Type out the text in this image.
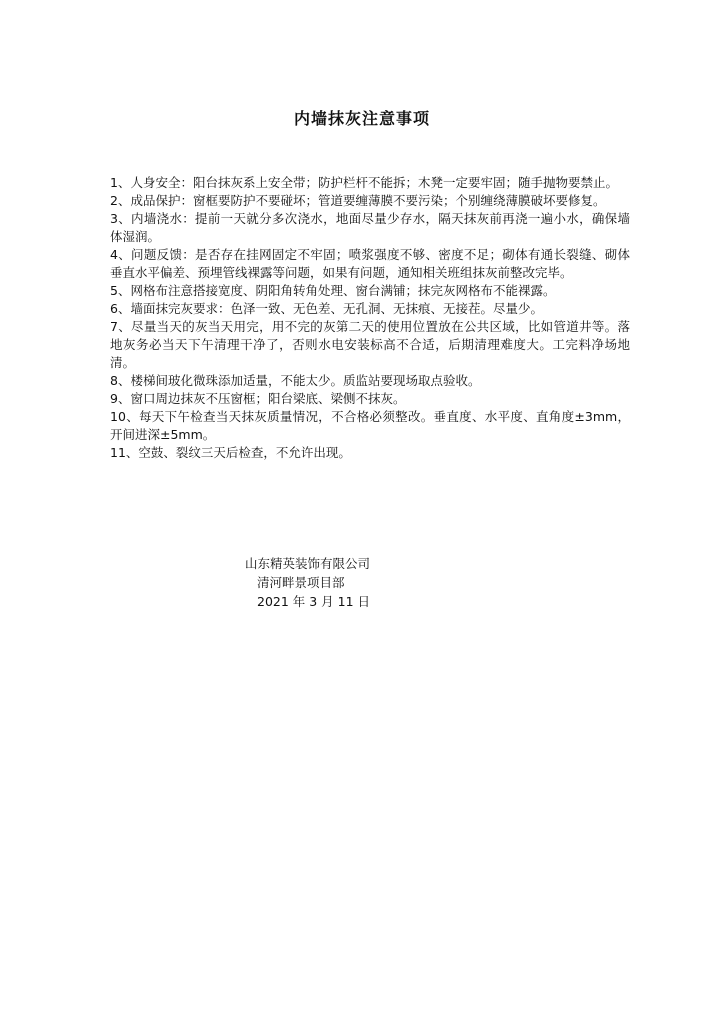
内墙抹灰注意事项
1、人身安全：阳台抹灰系上安全带；防护栏杆不能拆；木凳一定要牢固；随手抛物要禁止。
2、成品保护：窗框要防护不要碰坏；管道要缠薄膜不要污染；个别缠绕薄膜破坏要修复。
3、内墙浇水：提前一天就分多次浇水，地面尽量少存水，隔天抹灰前再浇一遍小水，确保墙体湿润。
4、问题反馈：是否存在挂网固定不牢固；喷浆强度不够、密度不足；砌体有通长裂缝、砌体垂直水平偏差、预埋管线裸露等问题，如果有问题，通知相关班组抹灰前整改完毕。
5、网格布注意搭接宽度、阴阳角转角处理、窗台满铺；抹完灰网格布不能裸露。
6、墙面抹完灰要求：色泽一致、无色差、无孔洞、无抹痕、无接茬。尽量少。
7、尽量当天的灰当天用完，用不完的灰第二天的使用位置放在公共区域，比如管道井等。落地灰务必当天下午清理干净了，否则水电安装标高不合适，后期清理难度大。工完料净场地清。
8、楼梯间玻化微珠添加适量，不能太少。质监站要现场取点验收。
9、窗口周边抹灰不压窗框；阳台梁底、梁侧不抹灰。
10、每天下午检查当天抹灰质量情况，不合格必须整改。垂直度、水平度、直角度±3mm，开间进深±5mm。
11、空鼓、裂纹三天后检查，不允许出现。
山东精英装饰有限公司
清河畔景项目部
2021 年 3 月 11 日
